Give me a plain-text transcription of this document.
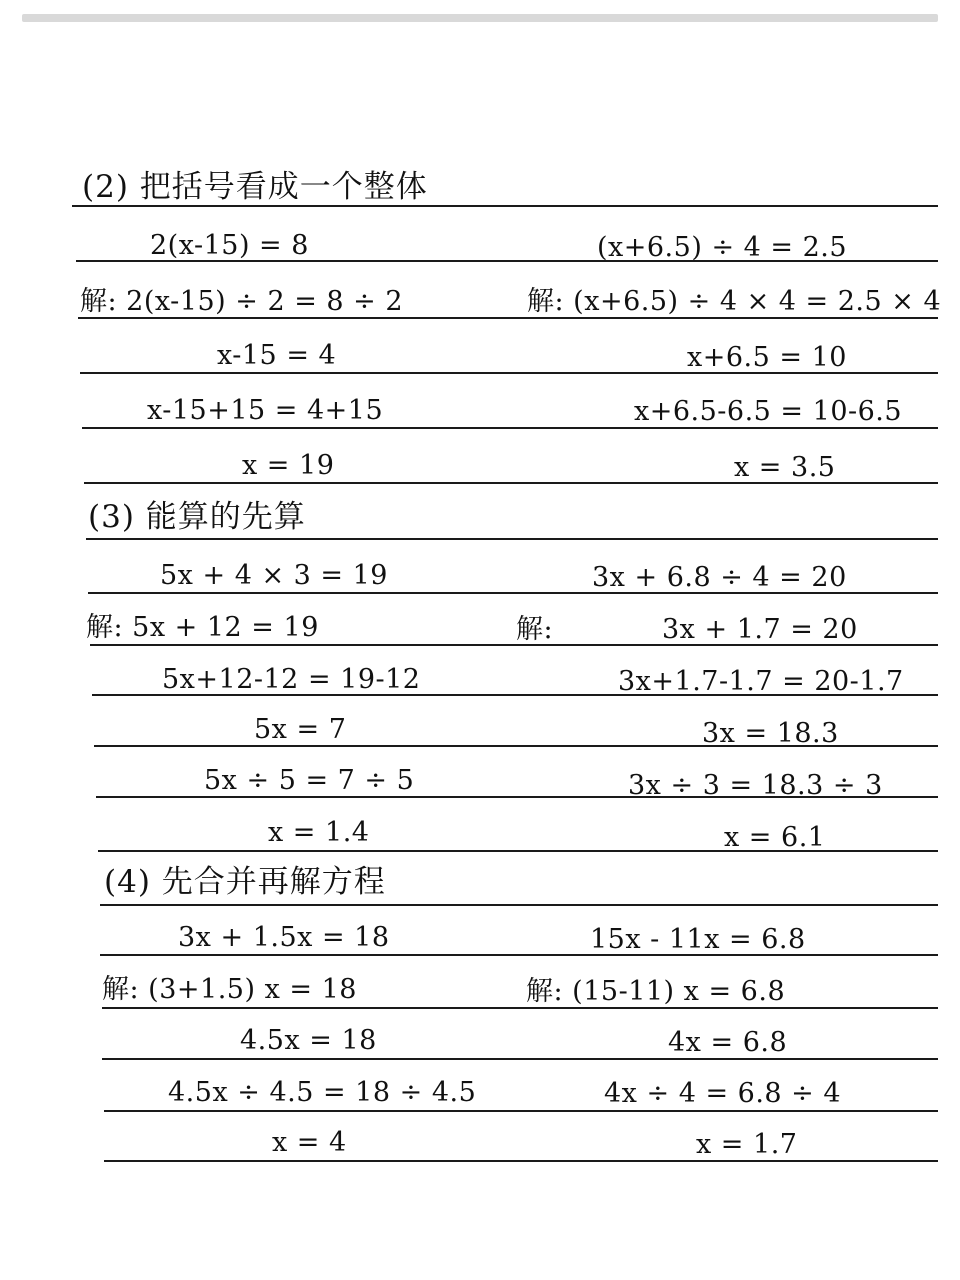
(2) 把括号看成一个整体
2(x-15) = 8
解: 2(x-15) ÷ 2 = 8 ÷ 2
x-15 = 4
x-15+15 = 4+15
x = 19
(x+6.5) ÷ 4 = 2.5
解: (x+6.5) ÷ 4 × 4 = 2.5 × 4
x+6.5 = 10
x+6.5-6.5 = 10-6.5
x = 3.5
(3) 能算的先算
5x + 4 × 3 = 19
解: 5x + 12 = 19
5x+12-12 = 19-12
5x = 7
5x ÷ 5 = 7 ÷ 5
x = 1.4
3x + 6.8 ÷ 4 = 20
解:	3x + 1.7 = 20
3x+1.7-1.7 = 20-1.7
3x = 18.3
3x ÷ 3 = 18.3 ÷ 3
x = 6.1
(4) 先合并再解方程
3x + 1.5x = 18
解: (3+1.5) x = 18
4.5x = 18
4.5x ÷ 4.5 = 18 ÷ 4.5
x = 4
15x - 11x = 6.8
解: (15-11) x = 6.8
4x = 6.8
4x ÷ 4 = 6.8 ÷ 4
x = 1.7
